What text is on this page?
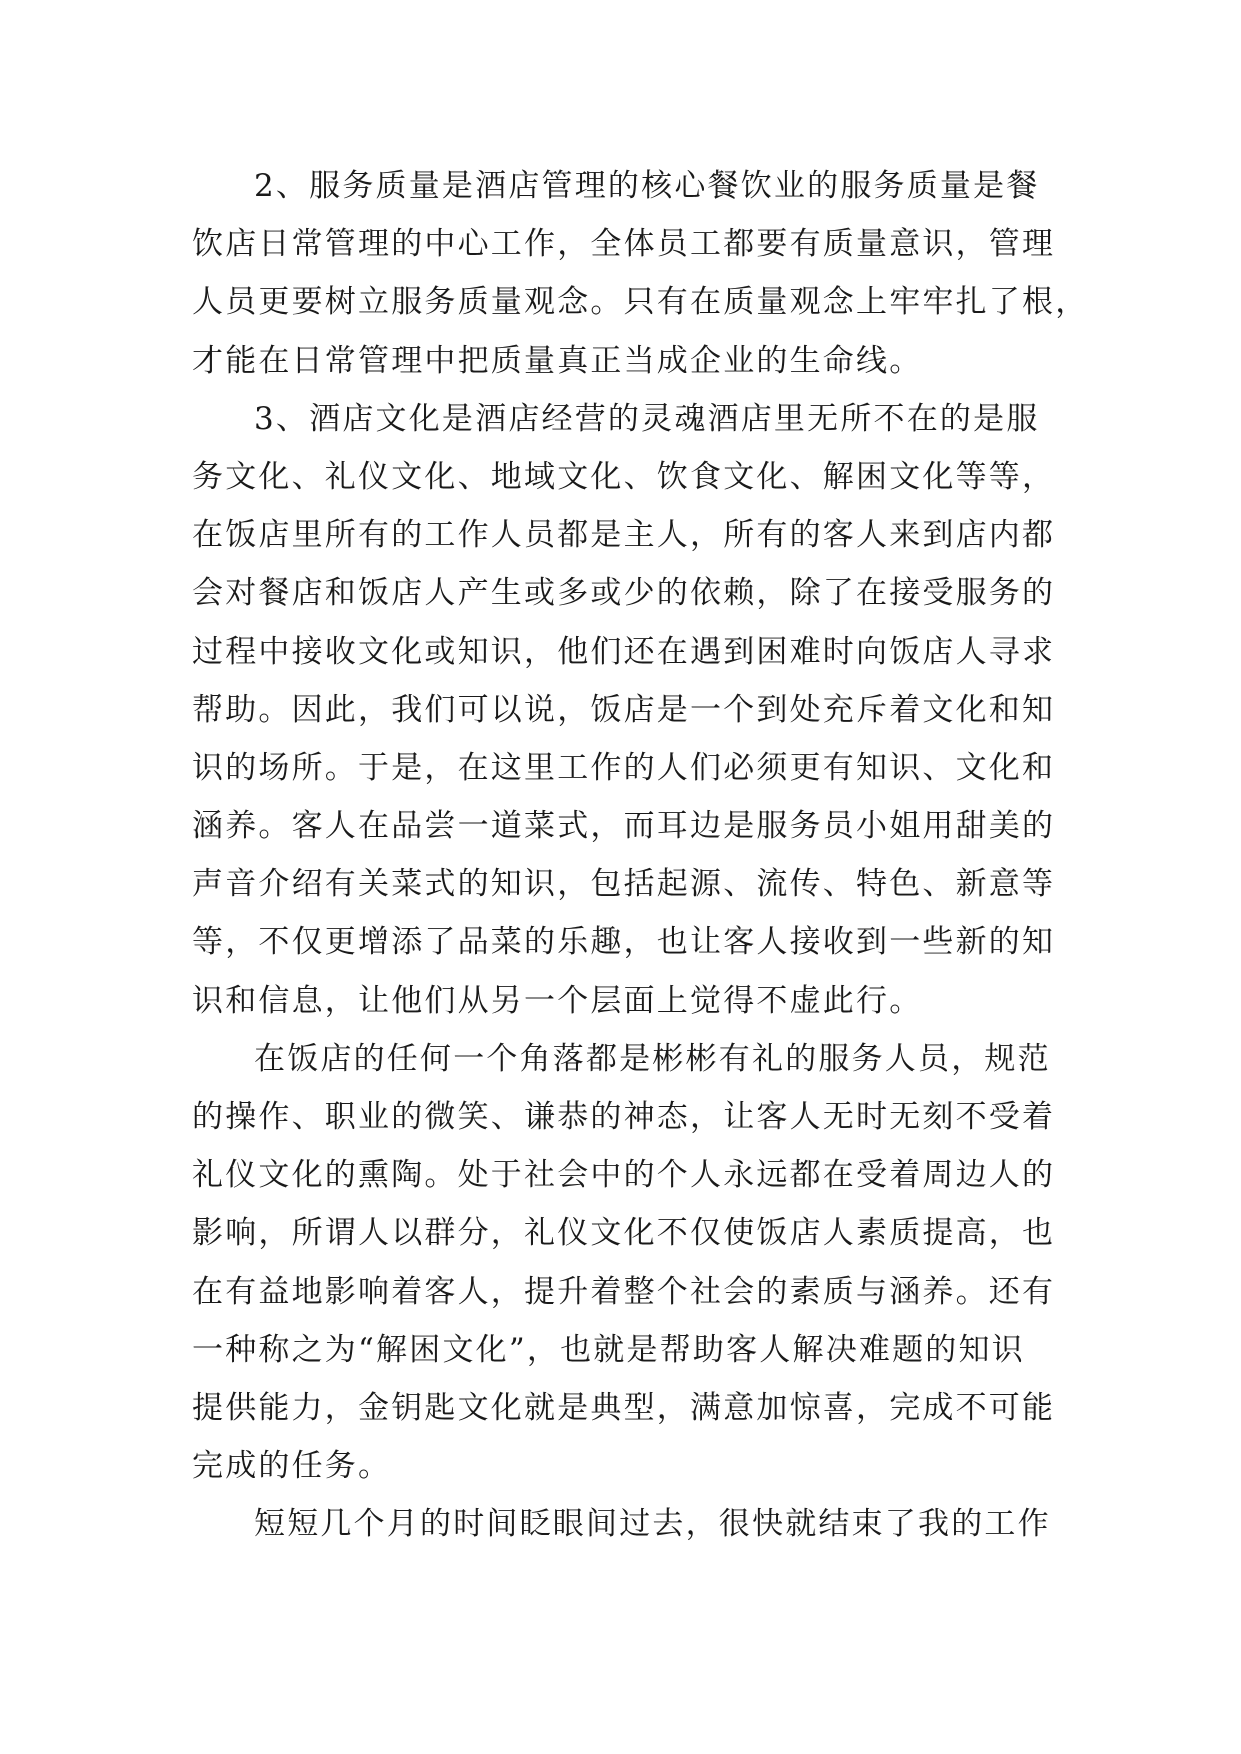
2、服务质量是酒店管理的核心餐饮业的服务质量是餐
饮店日常管理的中心工作，全体员工都要有质量意识，管理
人员更要树立服务质量观念。只有在质量观念上牢牢扎了根，
才能在日常管理中把质量真正当成企业的生命线。
3、酒店文化是酒店经营的灵魂酒店里无所不在的是服
务文化、礼仪文化、地域文化、饮食文化、解困文化等等，
在饭店里所有的工作人员都是主人，所有的客人来到店内都
会对餐店和饭店人产生或多或少的依赖，除了在接受服务的
过程中接收文化或知识，他们还在遇到困难时向饭店人寻求
帮助。因此，我们可以说，饭店是一个到处充斥着文化和知
识的场所。于是，在这里工作的人们必须更有知识、文化和
涵养。客人在品尝一道菜式，而耳边是服务员小姐用甜美的
声音介绍有关菜式的知识，包括起源、流传、特色、新意等
等，不仅更增添了品菜的乐趣，也让客人接收到一些新的知
识和信息，让他们从另一个层面上觉得不虚此行。
在饭店的任何一个角落都是彬彬有礼的服务人员，规范
的操作、职业的微笑、谦恭的神态，让客人无时无刻不受着
礼仪文化的熏陶。处于社会中的个人永远都在受着周边人的
影响，所谓人以群分，礼仪文化不仅使饭店人素质提高，也
在有益地影响着客人，提升着整个社会的素质与涵养。还有
一种称之为“解困文化”，也就是帮助客人解决难题的知识
提供能力，金钥匙文化就是典型，满意加惊喜，完成不可能
完成的任务。
短短几个月的时间眨眼间过去，很快就结束了我的工作
